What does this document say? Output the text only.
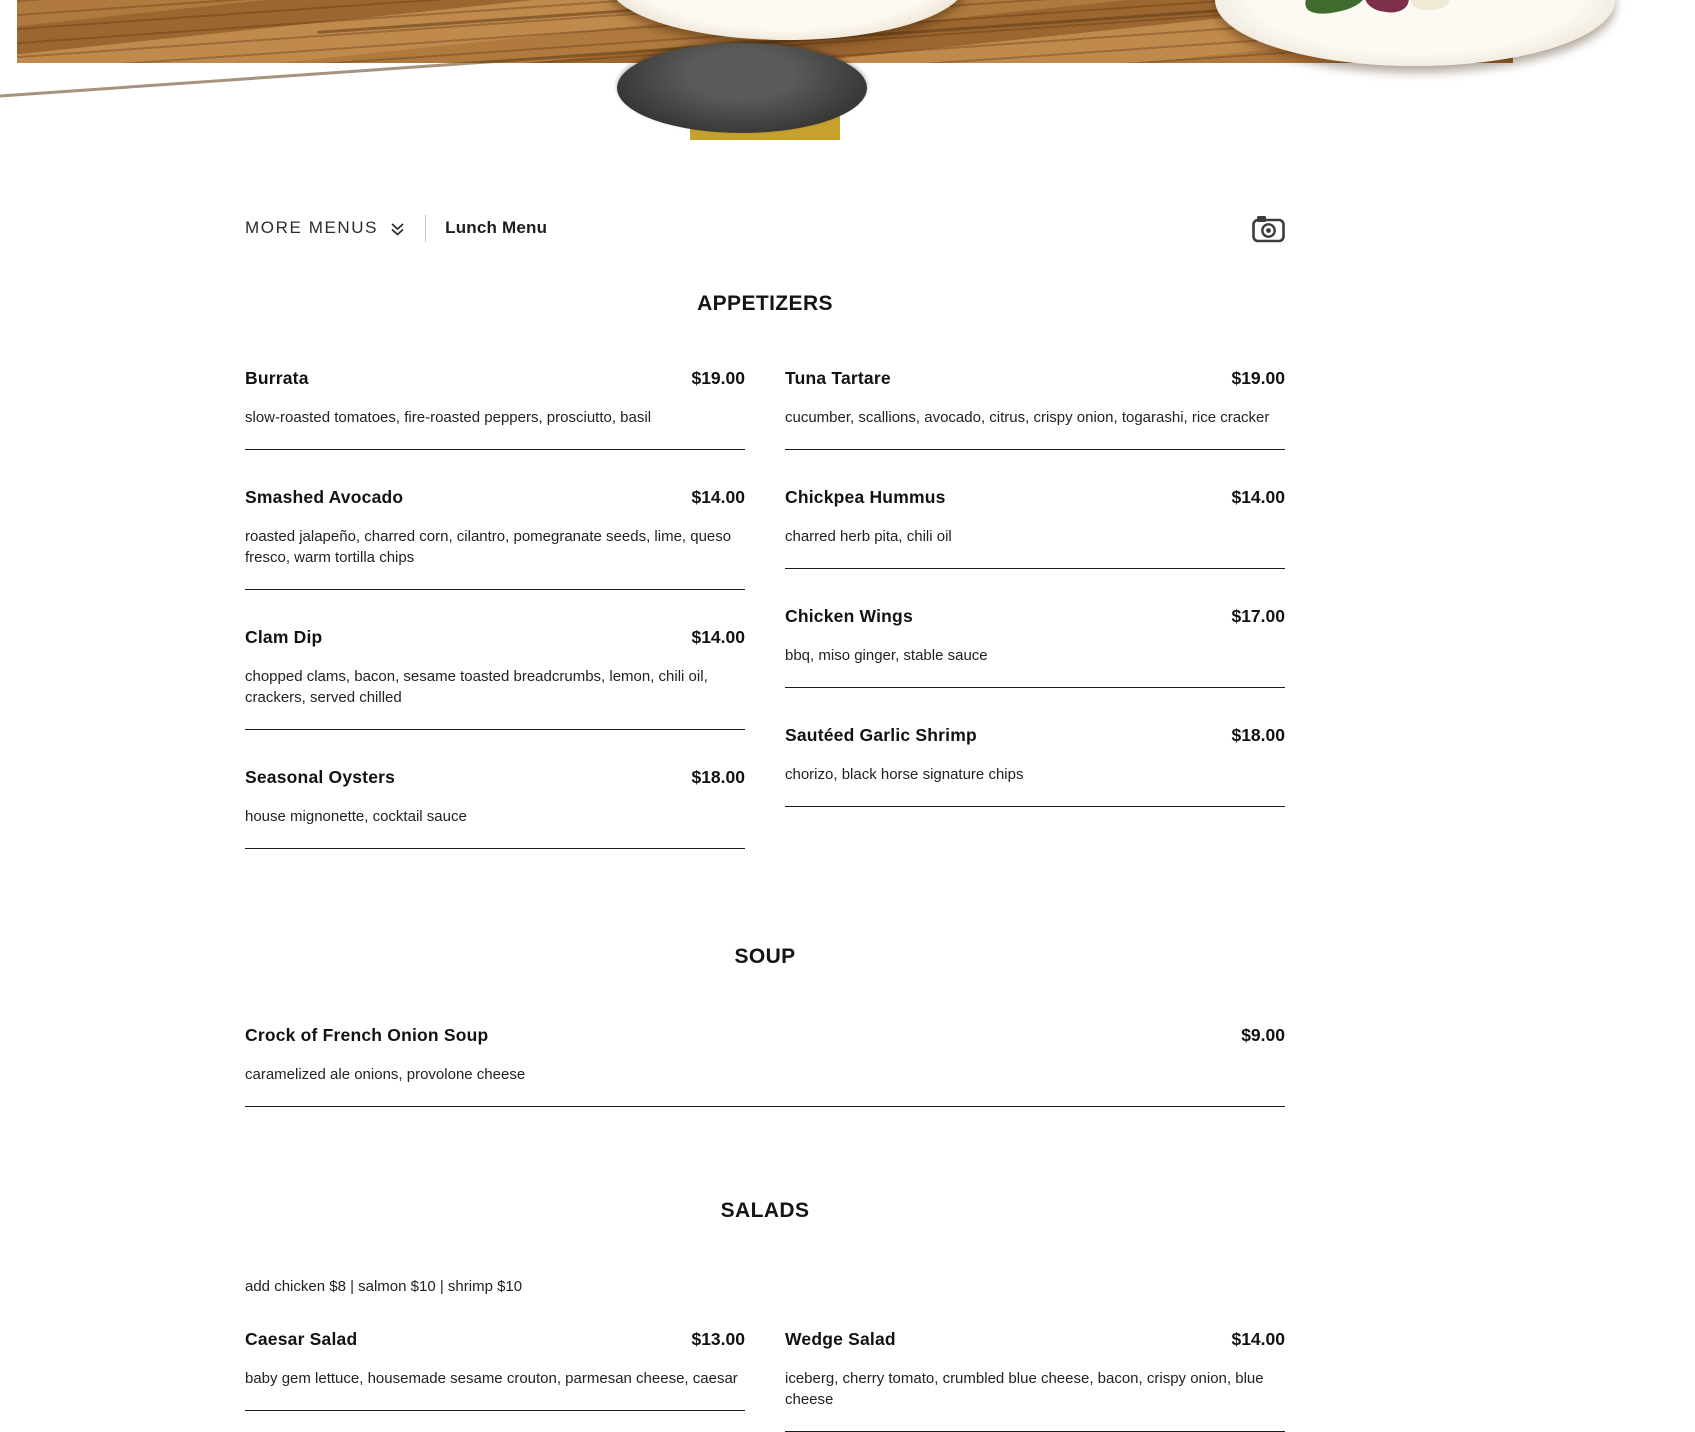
MORE MENUS	Lunch Menu
APPETIZERS
Burrata	$19.00

slow-roasted tomatoes, fire-roasted peppers, prosciutto, basil

Smashed Avocado	$14.00

roasted jalapeño, charred corn, cilantro, pomegranate seeds, lime, queso fresco, warm tortilla chips

Clam Dip	$14.00

chopped clams, bacon, sesame toasted breadcrumbs, lemon, chili oil, crackers, served chilled

Seasonal Oysters	$18.00

house mignonette, cocktail sauce

Tuna Tartare	$19.00

cucumber, scallions, avocado, citrus, crispy onion, togarashi, rice cracker

Chickpea Hummus	$14.00

charred herb pita, chili oil

Chicken Wings	$17.00

bbq, miso ginger, stable sauce

Sautéed Garlic Shrimp	$18.00

chorizo, black horse signature chips

SOUP
Crock of French Onion Soup	$9.00

caramelized ale onions, provolone cheese

SALADS

add chicken $8 | salmon $10 | shrimp $10

Caesar Salad	$13.00

baby gem lettuce, housemade sesame crouton, parmesan cheese, caesar

Wedge Salad	$14.00

iceberg, cherry tomato, crumbled blue cheese, bacon, crispy onion, blue cheese
